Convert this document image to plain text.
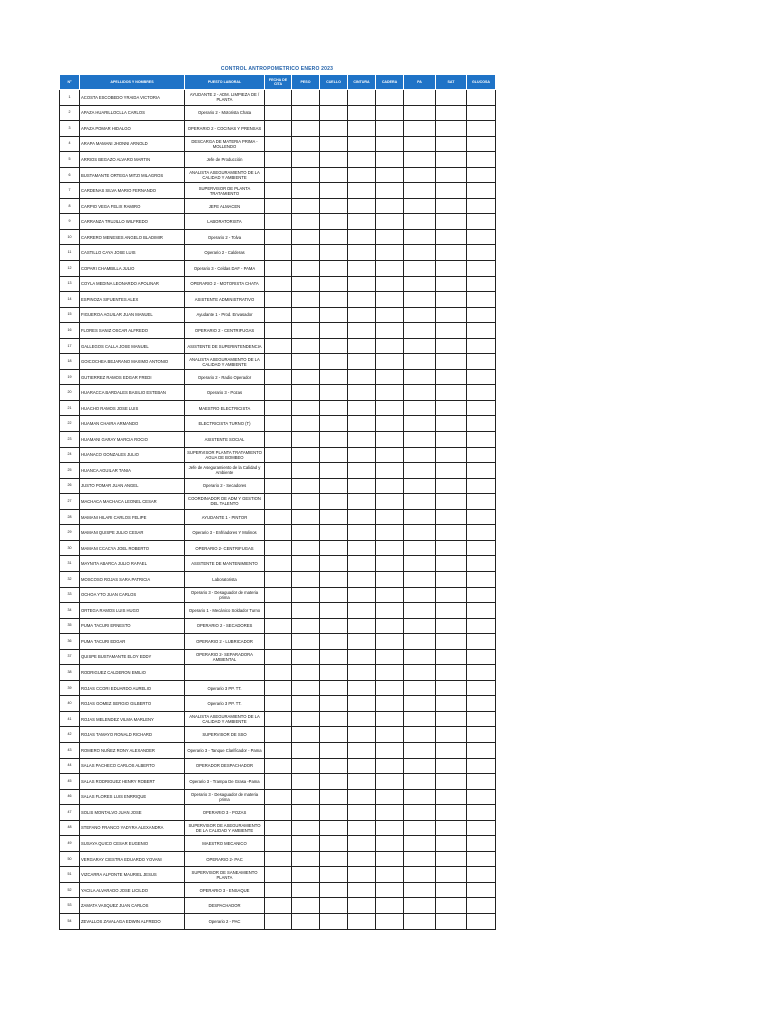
CONTROL ANTROPOMETRICO ENERO 2023
Nº	APELLIDOS Y NOMBRES	PUESTO LABORAL	FECHA DE CITA	PESO	CUELLO	CINTURA	CADERA	PA	SAT	GLUCOSA
1	ACOSTA ESCOBEDO YRAIDA VICTORIA	AYUDANTE 2 - ADM. LIMPIEZA DE / PLANTA								
2	APAZA HUARILLOCLLA CARLOS	Operario 2 - Motorista Chata								
3	APAZA POMAR HIDALGO	OPERARIO 2 - COCINAS Y PRENSAS								
4	ARAPA MAMANI JHONNI ARNOLD	DESCARGA DE MATERIA PRIMA - MOLLENDO								
5	ARRIOS BEGAZO ALVARO MARTIN	Jefe de Producción								
6	BUSTAMANTE ORTEGA MITZI MILAGROS	ANALISTA ASEGURAMIENTO DE LA CALIDAD Y AMBIENTE								
7	CARDENAS SILVA MARIO FERNANDO	SUPERVISOR DE PLANTA TRATAMIENTO								
8	CARPIO VEGA FELIX RAMIRO	JEFE ALMACEN								
9	CARRANZA TRUJILLO WILFREDO	LABORATORISTA								
10	CARRERO MENESES ANGELO BLADIMIR	Operario 2 - Tolva								
11	CASTILLO CAYA JOSE LUIS	Operario 2 - Calderas								
12	COPARI CHAMBILLA JULIO	Operario 3 - Celdas DAF - PAMA								
13	COYLA MEDINA LEONARDO APOLINAR	OPERARIO 2 - MOTORISTA CHATA								
14	ESPINOZA SIFUENTES ALEX	ASISTENTE ADMINISTRATIVO								
15	FIGUEROA AGUILAR JUAN MANUEL	Ayudante 1 - Prod. Envasador								
16	FLORES SANIZ OSCAR ALFREDO	OPERARIO 2 - CENTRIFUGAS								
17	GALLEGOS CALLA JOSE MANUEL	ASISTENTE DE SUPERINTENDENCIA								
18	GOICOCHEA BEJARANO MAXIMO ANTONIO	ANALISTA ASEGURAMIENTO DE LA CALIDAD Y AMBIENTE								
19	GUTIERREZ RAMOS EDGAR FREDI	Operario 2 - Radio Operador								
20	HUARACCA BARDALES BASILIO ESTEBAN	Operario 3 - Pozas								
21	HUACHO RAMOS JOSE LUIS	MAESTRO ELECTRICISTA								
22	HUAMAN CHAIRA ARMANDO	ELECTRICISTA TURNO (T)								
23	HUAMANI GARAY MARCIA ROCIO	ASISTENTE SOCIAL								
24	HUANACO GONZALES JULIO	SUPERVISOR PLANTA TRATAMIENTO AGUA DE BOMBEO								
25	HUANCA AGUILAR TANIA	Jefe de Aseguramiento de la Calidad y Ambiente								
26	JUSTO POMAR JUAN ANGEL	Operario 2 - Secadores								
27	MACHACA MACHACA LEONEL CESAR	COORDINADOR DE ADM Y GESTION DEL TALENTO								
28	MAMANI HILARI CARLOS FELIPE	AYUDANTE 1 - PINTOR								
29	MAMANI QUISPE JULIO CESAR	Operario 3 - Enfriadores Y Molinos								
30	MAMANI CCACYA JOEL ROBERTO	OPERARIO 2- CENTRIFUGAS								
31	MAYNITA ABARCA JULIO RAFAEL	ASISTENTE DE MANTENIMIENTO								
32	MOSCOSO ROJAS SARA PATRICIA	Laboratorista								
33	OCHOA YTO JUAN CARLOS	Operario 3 - Desaguador de materia prima								
34	ORTEGA RAMOS LUIS HUGO	Operario 1 - Mecánico Soldador Turno								
35	PUMA TACURI ERNESTO	OPERARIO 2 - SECADORES								
36	PUMA TACURI EDGAR	OPERARIO 2 - LUBRICADOR								
37	QUISPE BUSTAMANTE ELOY EDDY	OPERARIO 2- SEPARADORA AMBIENTAL								
38	RODRIGUEZ CALDERON EMILIO									
39	ROJAS CCORI EDUARDO AURELIO	Operario 3 PP. TT.								
40	ROJAS GOMEZ SERGIO GILBERTO	Operario 3 PP. TT.								
41	ROJAS MELENDEZ VILMA MARLENY	ANALISTA ASEGURAMIENTO DE LA CALIDAD Y AMBIENTE								
42	ROJAS TAMAYO RONALD RICHARD	SUPERVISOR DE SSO								
43	ROMERO NUÑEZ RONY ALEXANDER	Operario 3 - Tanque Clarificador - Pama								
44	SALAS PACHECO CARLOS ALBERTO	OPERADOR DESPACHADOR								
45	SALAS RODRIGUEZ HENRY ROBERT	Operario 3 - Trampa De Grasa -Pama								
46	SALAS FLORES LUIS ENRRIQUE	Operario 3 - Desaguador de materia prima								
47	SOLIS MONTALVO JUAN JOSE	OPERARIO 3 - POZAS								
48	STEFANO FRANCO YADYRA ALEXANDRA	SUPERVISOR DE ASEGURAMIENTO DE LA CALIDAD Y AMBIENTE								
49	SUSAYA QUICO CESAR EUGENIO	MAESTRO MECANICO								
50	VERGARAY CIESTRA EDUARDO YOVANI	OPERARIO 2- PAC								
51	VIZCARRA ALPONTE MAURIEL JESUS	SUPERVISOR DE SANEAMIENTO PLANTA								
52	YACILA ALVARADO JOSE LICILDO	OPERARIO 3 - ENSAQUE								
53	ZAMATA VASQUEZ JUAN CARLOS	DESPACHADOR								
54	ZEVALLOS ZAVALAGA EDWIN ALFREDO	Operario 2 - PAC								
